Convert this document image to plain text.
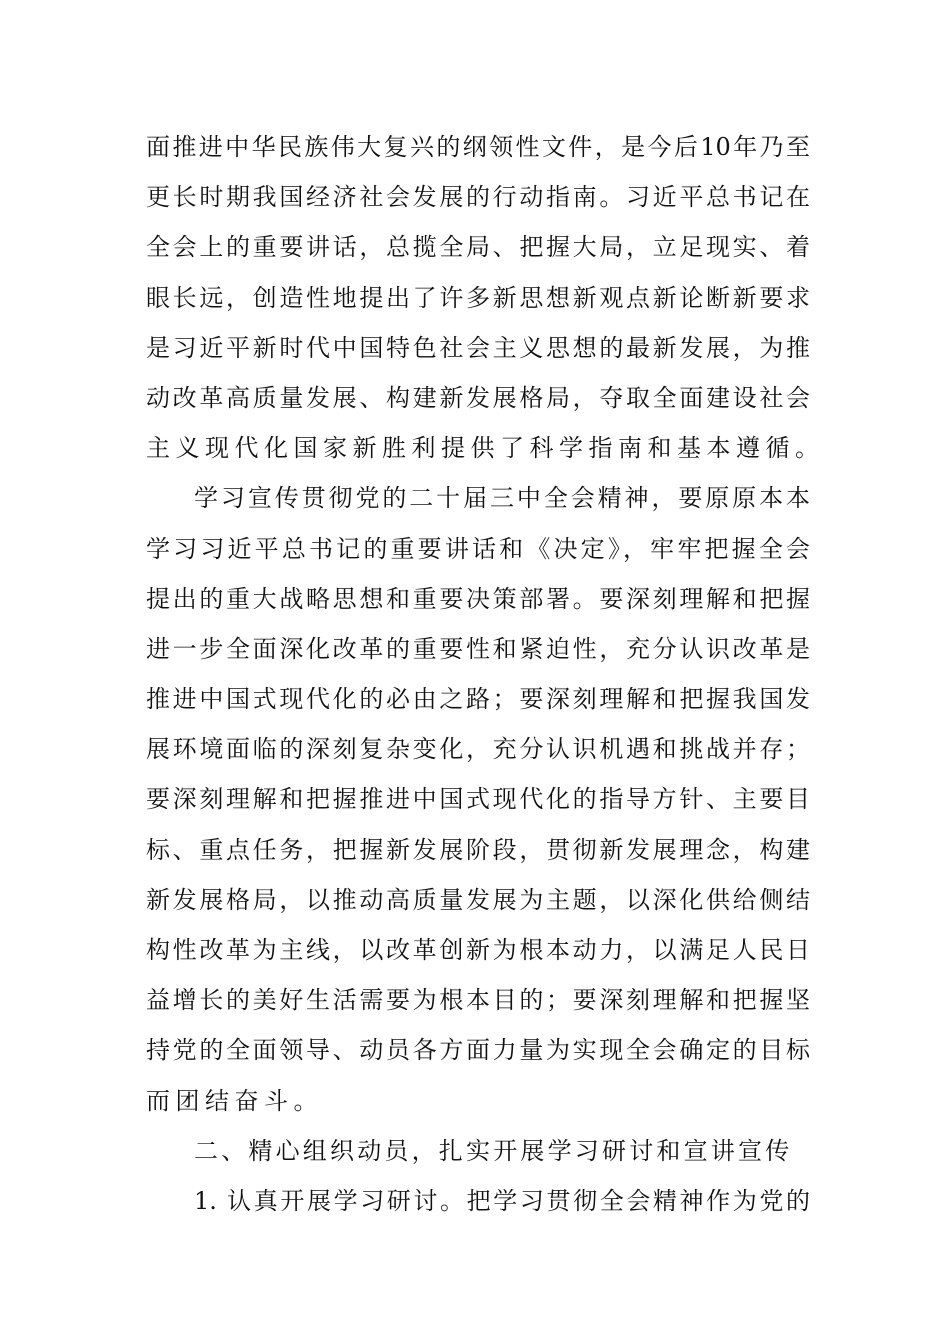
面推进中华民族伟大复兴的纲领性文件，是今后10年乃至
更长时期我国经济社会发展的行动指南。习近平总书记在
全会上的重要讲话，总揽全局、把握大局，立足现实、着
眼长远，创造性地提出了许多新思想新观点新论断新要求
是习近平新时代中国特色社会主义思想的最新发展，为推
动改革高质量发展、构建新发展格局，夺取全面建设社会
主义现代化国家新胜利提供了科学指南和基本遵循。
学习宣传贯彻党的二十届三中全会精神，要原原本本
学习习近平总书记的重要讲话和《决定》，牢牢把握全会
提出的重大战略思想和重要决策部署。要深刻理解和把握
进一步全面深化改革的重要性和紧迫性，充分认识改革是
推进中国式现代化的必由之路；要深刻理解和把握我国发
展环境面临的深刻复杂变化，充分认识机遇和挑战并存；
要深刻理解和把握推进中国式现代化的指导方针、主要目
标、重点任务，把握新发展阶段，贯彻新发展理念，构建
新发展格局，以推动高质量发展为主题，以深化供给侧结
构性改革为主线，以改革创新为根本动力，以满足人民日
益增长的美好生活需要为根本目的；要深刻理解和把握坚
持党的全面领导、动员各方面力量为实现全会确定的目标
而团结奋斗。
二、精心组织动员，扎实开展学习研讨和宣讲宣传
1. 认真开展学习研讨。把学习贯彻全会精神作为党的
